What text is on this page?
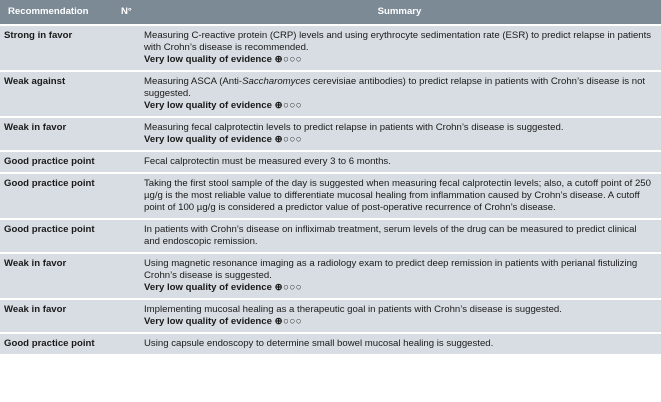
Recommendation	N°	Summary
Strong in favor		Measuring C-reactive protein (CRP) levels and using erythrocyte sedimentation rate (ESR) to predict relapse in patients with Crohn’s disease is recommended.
Very low quality of evidence ⊕○○○

Weak against		Measuring ASCA (Anti-Saccharomyces cerevisiae antibodies) to predict relapse in patients with Crohn’s disease is not suggested.
Very low quality of evidence ⊕○○○

Weak in favor		Measuring fecal calprotectin levels to predict relapse in patients with Crohn’s disease is suggested.
Very low quality of evidence ⊕○○○

Good practice point		Fecal calprotectin must be measured every 3 to 6 months.
Good practice point		Taking the first stool sample of the day is suggested when measuring fecal calprotectin levels; also, a cutoff point of 250 µg/g is the most reliable value to differentiate mucosal healing from inflammation caused by Crohn’s disease. A cutoff point of 100 µg/g is considered a predictor value of post-operative recurrence of Crohn’s disease.
Good practice point		In patients with Crohn’s disease on infliximab treatment, serum levels of the drug can be measured to predict clinical and endoscopic remission.
Weak in favor		Using magnetic resonance imaging as a radiology exam to predict deep remission in patients with perianal fistulizing Crohn’s disease is suggested.
Very low quality of evidence ⊕○○○

Weak in favor		Implementing mucosal healing as a therapeutic goal in patients with Crohn’s disease is suggested.
Very low quality of evidence ⊕○○○

Good practice point		Using capsule endoscopy to determine small bowel mucosal healing is suggested.
